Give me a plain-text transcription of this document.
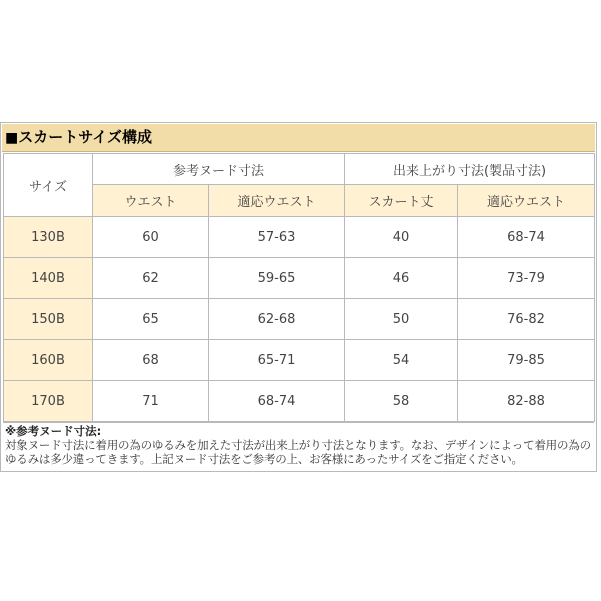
■スカートサイズ構成
サイズ	参考ヌード寸法		出来上がり寸法(製品寸法)	
	ウエスト	適応ウエスト	スカート丈	適応ウエスト
130B	60	57-63	40	68-74
140B	62	59-65	46	73-79
150B	65	62-68	50	76-82
160B	68	65-71	54	79-85
170B	71	68-74	58	82-88
※参考ヌード寸法:
対象ヌード寸法に着用の為のゆるみを加えた寸法が出来上がり寸法となります。なお、デザインによって着用の為のゆるみは多少違ってきます。上記ヌード寸法をご参考の上、お客様にあったサイズをご指定ください。
